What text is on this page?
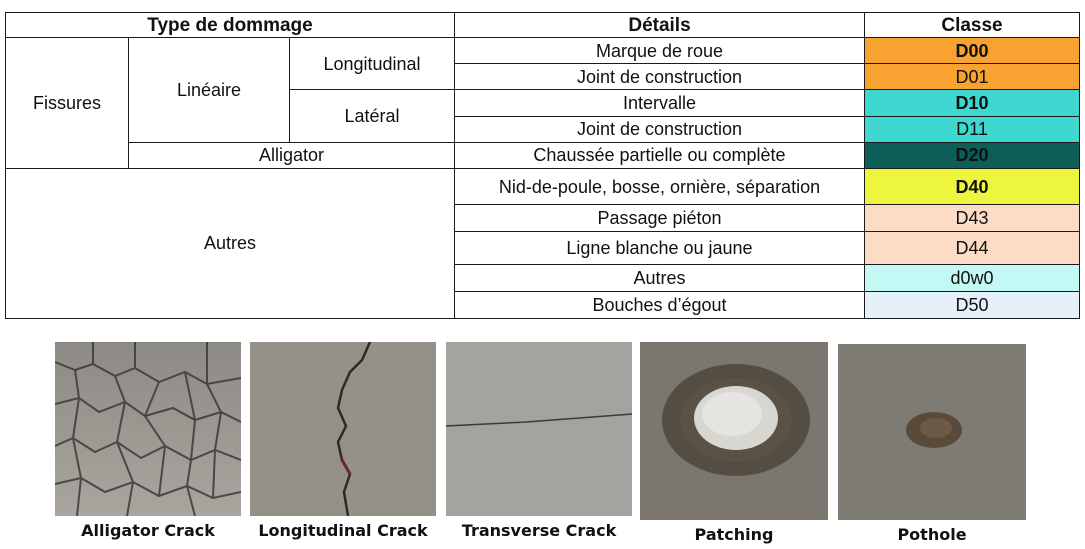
Type de dommage			Détails	Classe
Fissures	Linéaire	Longitudinal	Marque de roue	D00
			Joint de construction	D01
		Latéral	Intervalle	D10
			Joint de construction	D11
	Alligator		Chaussée partielle ou complète	D20
Autres			Nid-de-poule, bosse, ornière, séparation	D40
			Passage piéton	D43
			Ligne blanche ou jaune	D44
			Autres	d0w0
			Bouches d’égout	D50
Alligator Crack	Longitudinal Crack	Transverse Crack	Patching	Pothole
